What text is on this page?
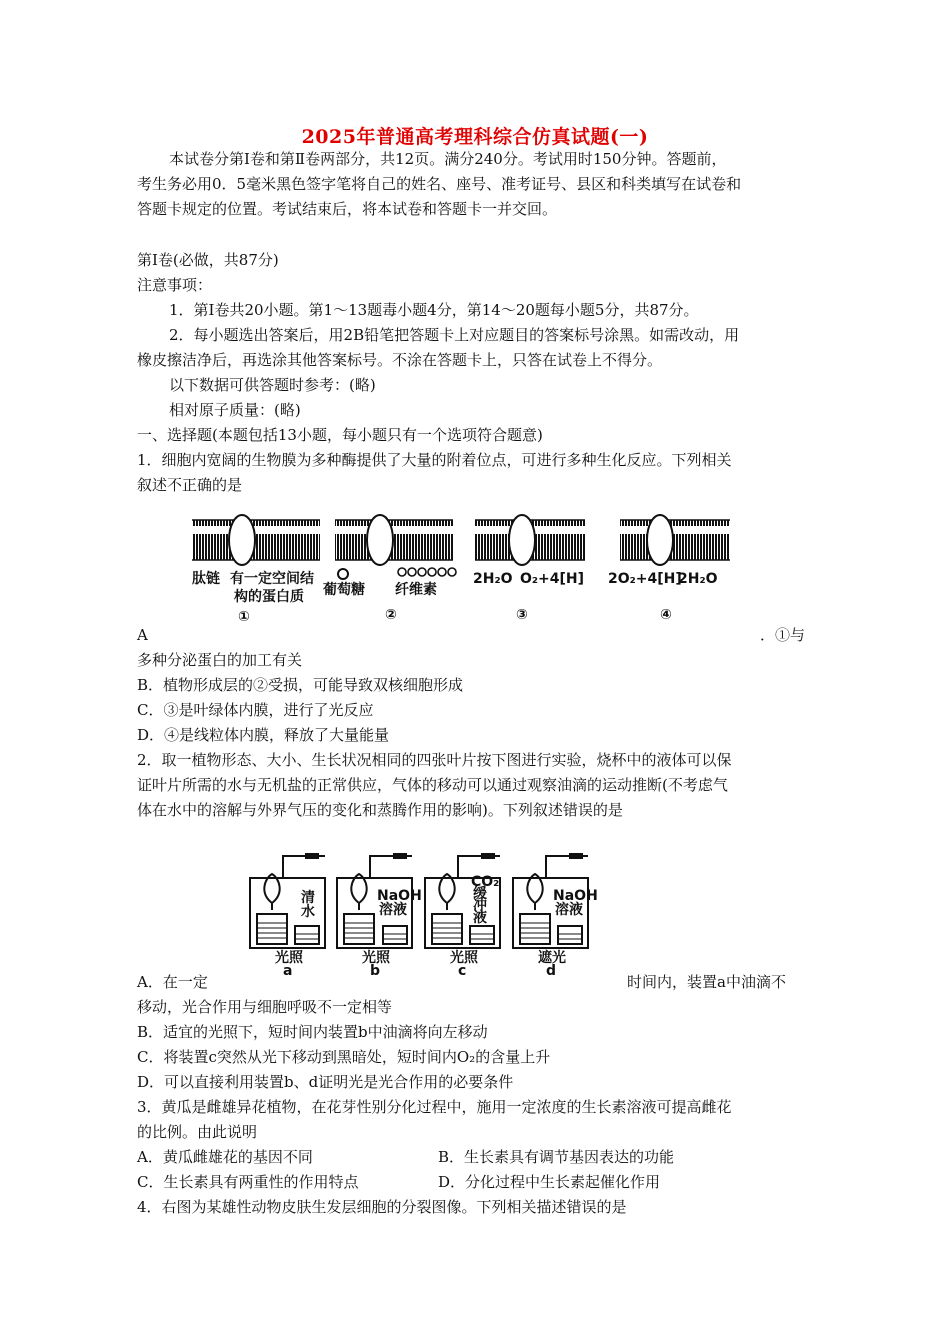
2025年普通高考理科综合仿真试题(一)
本试卷分第Ⅰ卷和第Ⅱ卷两部分，共12页。满分240分。考试用时150分钟。答题前，
考生务必用0．5毫米黑色签字笔将自己的姓名、座号、准考证号、县区和科类填写在试卷和
答题卡规定的位置。考试结束后，将本试卷和答题卡一并交回。
第Ⅰ卷(必做，共87分)
注意事项：
1．第Ⅰ卷共20小题。第1～13题毒小题4分，第14～20题每小题5分，共87分。
2．每小题选出答案后，用2B铅笔把答题卡上对应题目的答案标号涂黑。如需改动，用
橡皮擦洁净后，再选涂其他答案标号。不涂在答题卡上，只答在试卷上不得分。
以下数据可供答题时参考：(略)
相对原子质量：(略)
一、选择题(本题包括13小题，每小题只有一个选项符合题意)
1．细胞内宽阔的生物膜为多种酶提供了大量的附着位点，可进行多种生化反应。下列相关
叙述不正确的是
肽链 有一定空间结
构的蛋白质 葡萄糖 纤维素
2H₂O O₂+4[H] 2O₂+4[H]
2H₂O
①	②	③	④
A	．①与
多种分泌蛋白的加工有关
B．植物形成层的②受损，可能导致双核细胞形成
C．③是叶绿体内膜，进行了光反应
D．④是线粒体内膜，释放了大量能量
2．取一植物形态、大小、生长状况相同的四张叶片按下图进行实验，烧杯中的液体可以保
证叶片所需的水与无机盐的正常供应，气体的移动可以通过观察油滴的运动推断(不考虑气
体在水中的溶解与外界气压的变化和蒸腾作用的影响)。下列叙述错误的是
清
水
NaOH
溶液
CO₂
缓
冲
液
NaOH
溶液
光照	光照	光照	遮光
a	b	c	d
A．在一定	时间内，装置a中油滴不
移动，光合作用与细胞呼吸不一定相等
B．适宜的光照下，短时间内装置b中油滴将向左移动
C．将装置c突然从光下移动到黑暗处，短时间内O₂的含量上升
D．可以直接利用装置b、d证明光是光合作用的必要条件
3．黄瓜是雌雄异花植物，在花芽性别分化过程中，施用一定浓度的生长素溶液可提高雌花
的比例。由此说明
A．黄瓜雌雄花的基因不同	B．生长素具有调节基因表达的功能
C．生长素具有两重性的作用特点	D．分化过程中生长素起催化作用
4．右图为某雄性动物皮肤生发层细胞的分裂图像。下列相关描述错误的是
